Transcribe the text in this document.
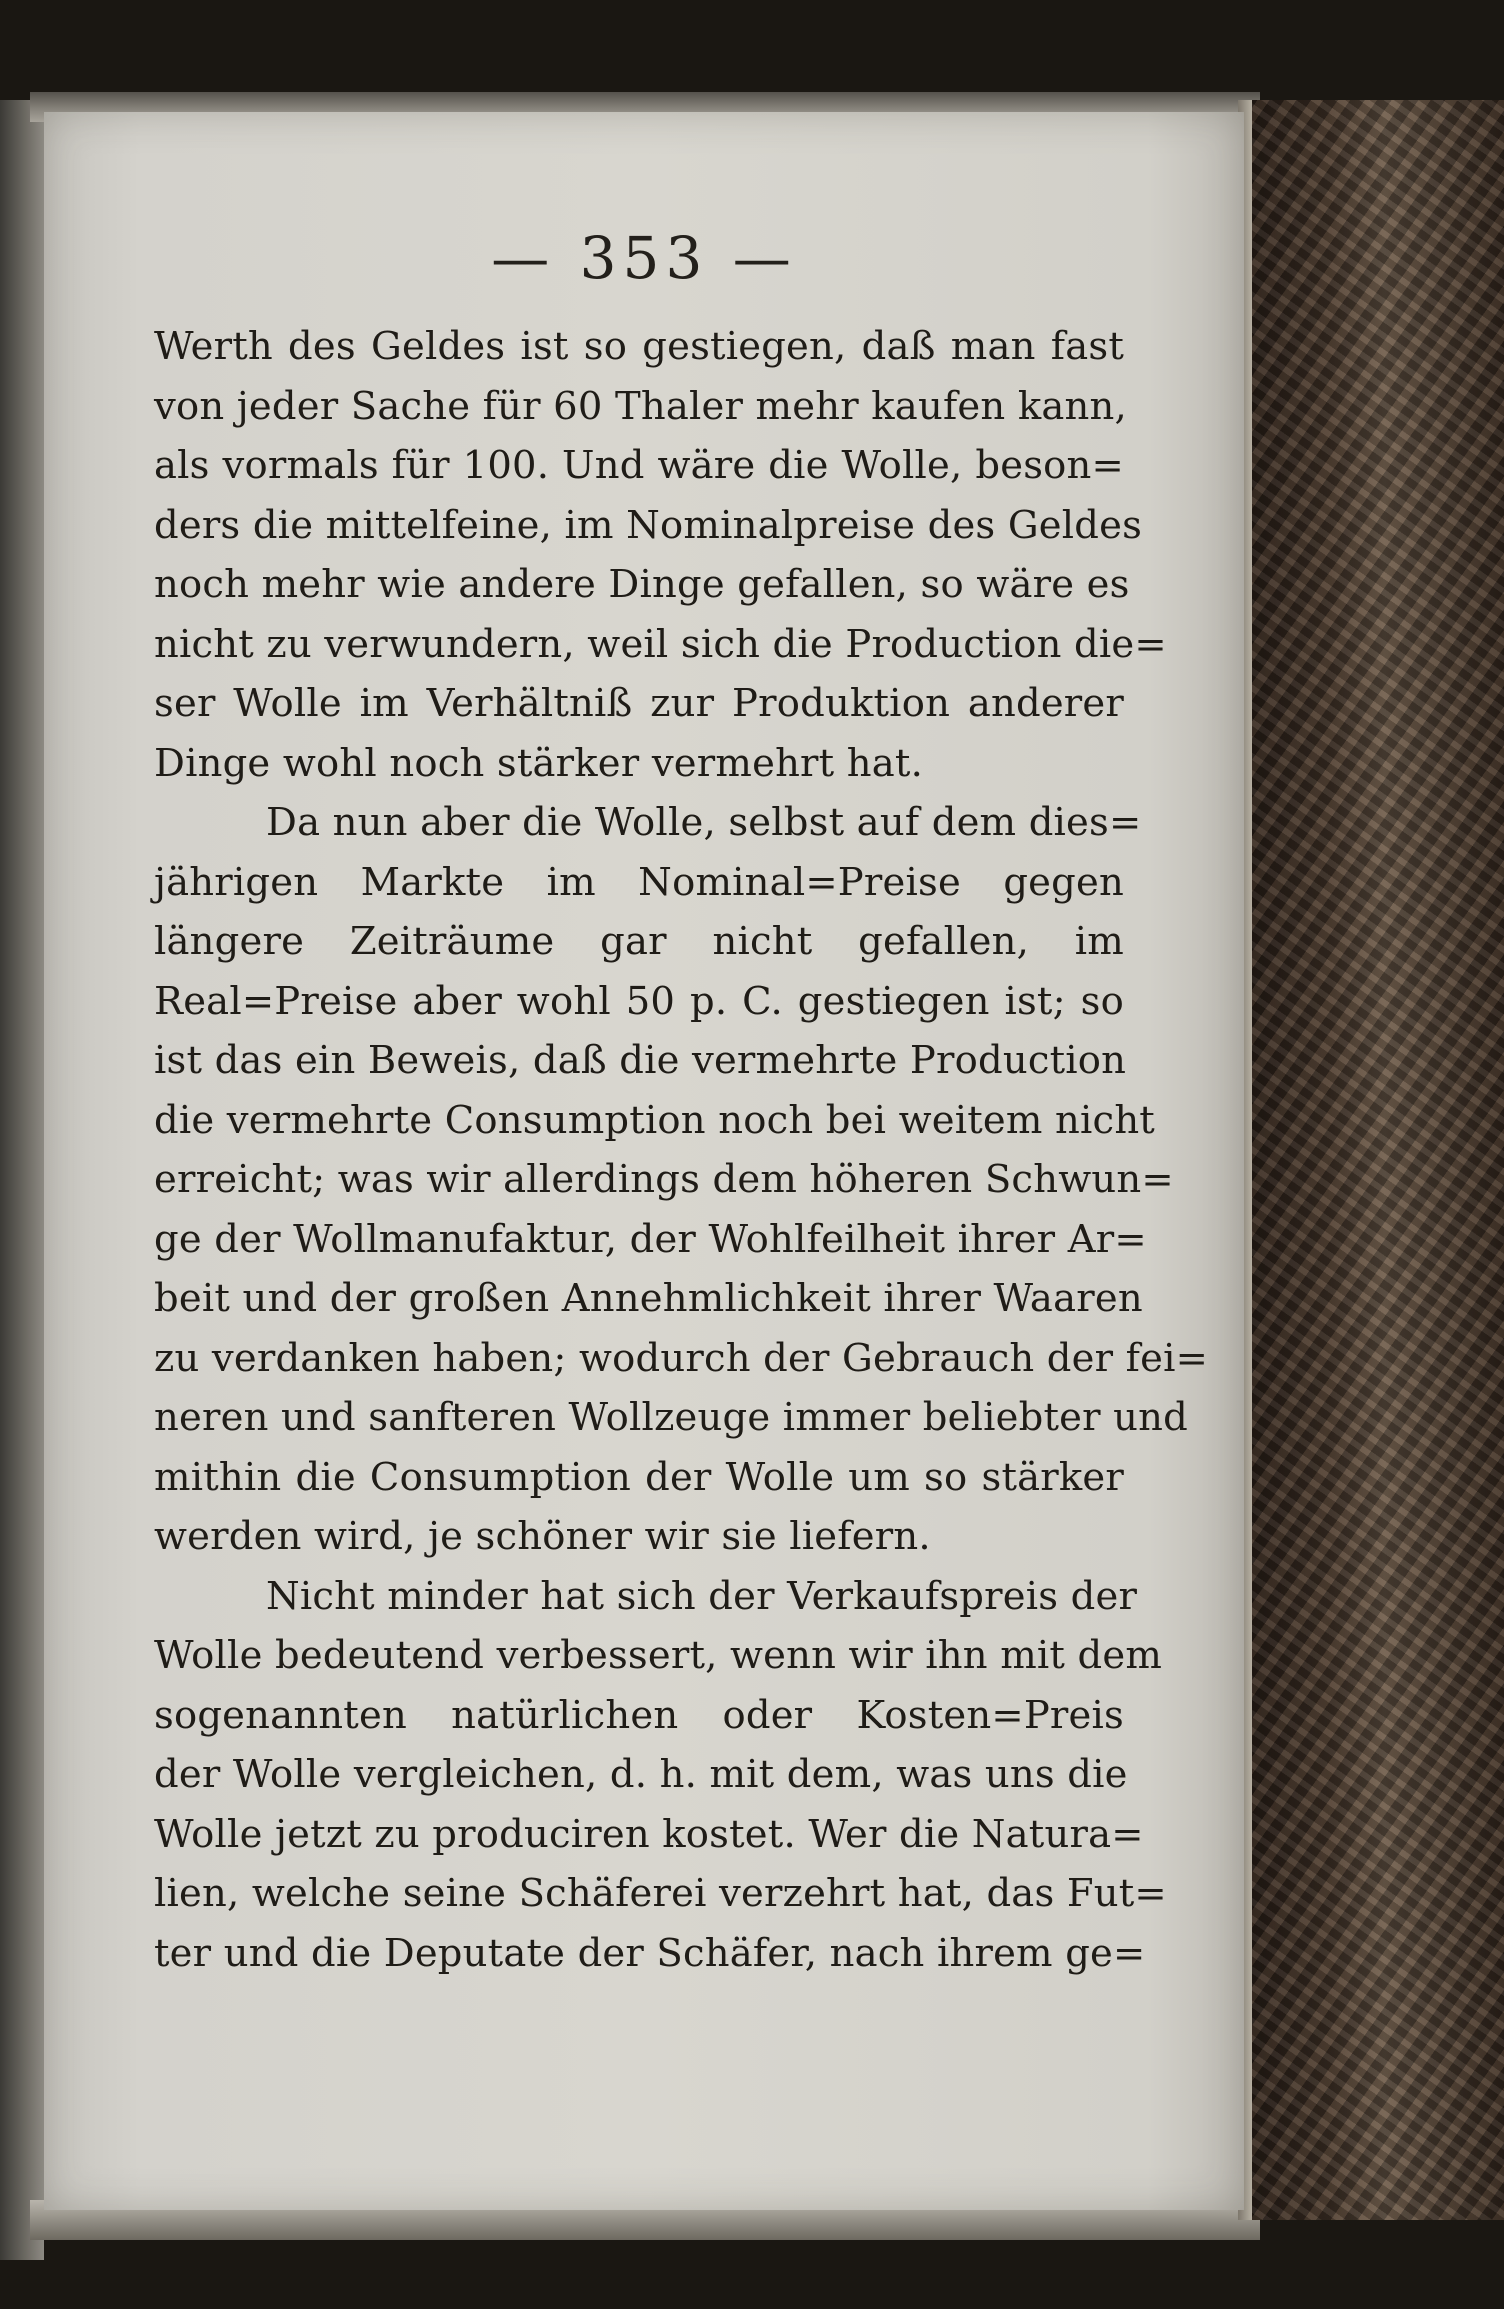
— 353 —
Werth des Geldes ist so gestiegen, daß man fast
von jeder Sache für 60 Thaler mehr kaufen kann,
als vormals für 100. Und wäre die Wolle, beson=
ders die mittelfeine, im Nominalpreise des Geldes
noch mehr wie andere Dinge gefallen, so wäre es
nicht zu verwundern, weil sich die Production die=
ser Wolle im Verhältniß zur Produktion anderer
Dinge wohl noch stärker vermehrt hat.
Da nun aber die Wolle, selbst auf dem dies=
jährigen Markte im Nominal=Preise gegen
längere Zeiträume gar nicht gefallen, im
Real=Preise aber wohl 50 p. C. gestiegen ist; so
ist das ein Beweis, daß die vermehrte Production
die vermehrte Consumption noch bei weitem nicht
erreicht; was wir allerdings dem höheren Schwun=
ge der Wollmanufaktur, der Wohlfeilheit ihrer Ar=
beit und der großen Annehmlichkeit ihrer Waaren
zu verdanken haben; wodurch der Gebrauch der fei=
neren und sanfteren Wollzeuge immer beliebter und
mithin die Consumption der Wolle um so stärker
werden wird, je schöner wir sie liefern.
Nicht minder hat sich der Verkaufspreis der
Wolle bedeutend verbessert, wenn wir ihn mit dem
sogenannten natürlichen oder Kosten=Preis
der Wolle vergleichen, d. h. mit dem, was uns die
Wolle jetzt zu produciren kostet. Wer die Natura=
lien, welche seine Schäferei verzehrt hat, das Fut=
ter und die Deputate der Schäfer, nach ihrem ge=
